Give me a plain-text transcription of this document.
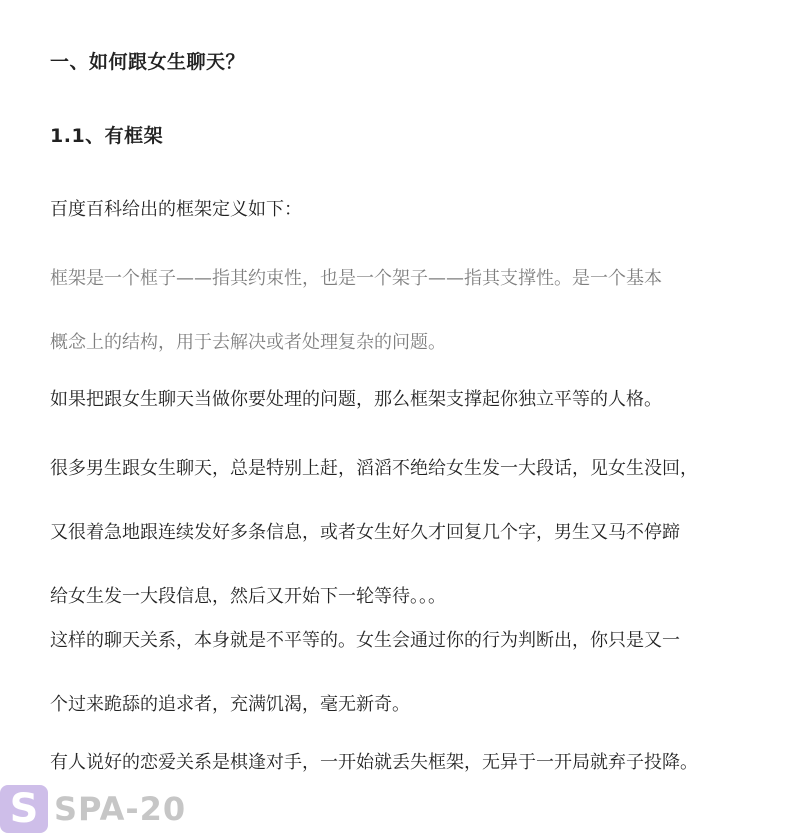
一、如何跟女生聊天？
1.1、有框架
百度百科给出的框架定义如下：
框架是一个框子——指其约束性，也是一个架子——指其支撑性。是一个基本
概念上的结构，用于去解决或者处理复杂的问题。
如果把跟女生聊天当做你要处理的问题，那么框架支撑起你独立平等的人格。
很多男生跟女生聊天，总是特别上赶，滔滔不绝给女生发一大段话，见女生没回，
又很着急地跟连续发好多条信息，或者女生好久才回复几个字，男生又马不停蹄
给女生发一大段信息，然后又开始下一轮等待。。。
这样的聊天关系，本身就是不平等的。女生会通过你的行为判断出，你只是又一
个过来跪舔的追求者，充满饥渴，毫无新奇。
有人说好的恋爱关系是棋逢对手，一开始就丢失框架，无异于一开局就弃子投降。
S SPA-20
